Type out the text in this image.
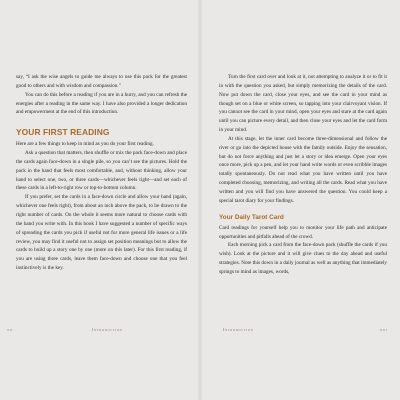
say, “I ask the wise angels to guide me always to use this pack for the greatest good to others and with wisdom and compassion.”

You can do this before a reading if you are in a hurry, and you can refresh the energies after a reading in the same way. I have also provided a longer dedication and empowerment at the end of this introduction.

YOUR FIRST READING

Here are a few things to keep in mind as you do your first reading.

Ask a question that matters, then shuffle or mix the pack face-down and place the cards again face-down in a single pile, so you can’t see the pictures. Hold the pack in the hand that feels most comfortable, and, without thinking, allow your hand to select one, two, or three cards—whichever feels right—and set each of these cards in a left-to-right row or top-to-bottom column.

If you prefer, set the cards in a face-down circle and allow your hand (again, whichever one feels right), from about an inch above the pack, to be drawn to the right number of cards. On the whole it seems more natural to choose cards with the hand you write with. In this book I have suggested a number of specific ways of spreading the cards you pick if useful not for more general life issues or a life review, you may find it useful not to assign set position meanings but to allow the cards to build up a story one by one (more on this later). For this first reading, if you are using three cards, leave them face-down and choose one that you feel instinctively is the key.

xii	Introduction

Turn the first card over and look at it, not attempting to analyze it or to fit it in with the question you asked, but simply memorizing the details of the card. Now put down the card, close your eyes, and see the card in your mind as though set on a blue or white screen, so tapping into your clairvoyant vision. If you cannot see the card in your mind, open your eyes and stare at the card again until you can picture every detail, and then close your eyes and let the card form in your mind.

At this stage, let the inner card become three-dimensional and follow the river or go into the depicted house with the family outside. Enjoy the sensation, but do not force anything and just let a story or idea emerge. Open your eyes once more, pick up a pen, and let your hand write words or even scribble images totally spontaneously. Do not read what you have written until you have completed choosing, memorizing, and writing all the cards. Read what you have written and you will find you have answered the question. You could keep a special tarot diary for your findings.

Your Daily Tarot Card

Card readings for yourself help you to monitor your life path and anticipate opportunities and pitfalls ahead of the crowd.

Each morning pick a card from the face-down pack (shuffle the cards if you wish). Look at the picture and it will give clues to the day ahead and useful strategies. Note this down in a daily journal as well as anything that immediately springs to mind as images, words,

Introduction	xiii
